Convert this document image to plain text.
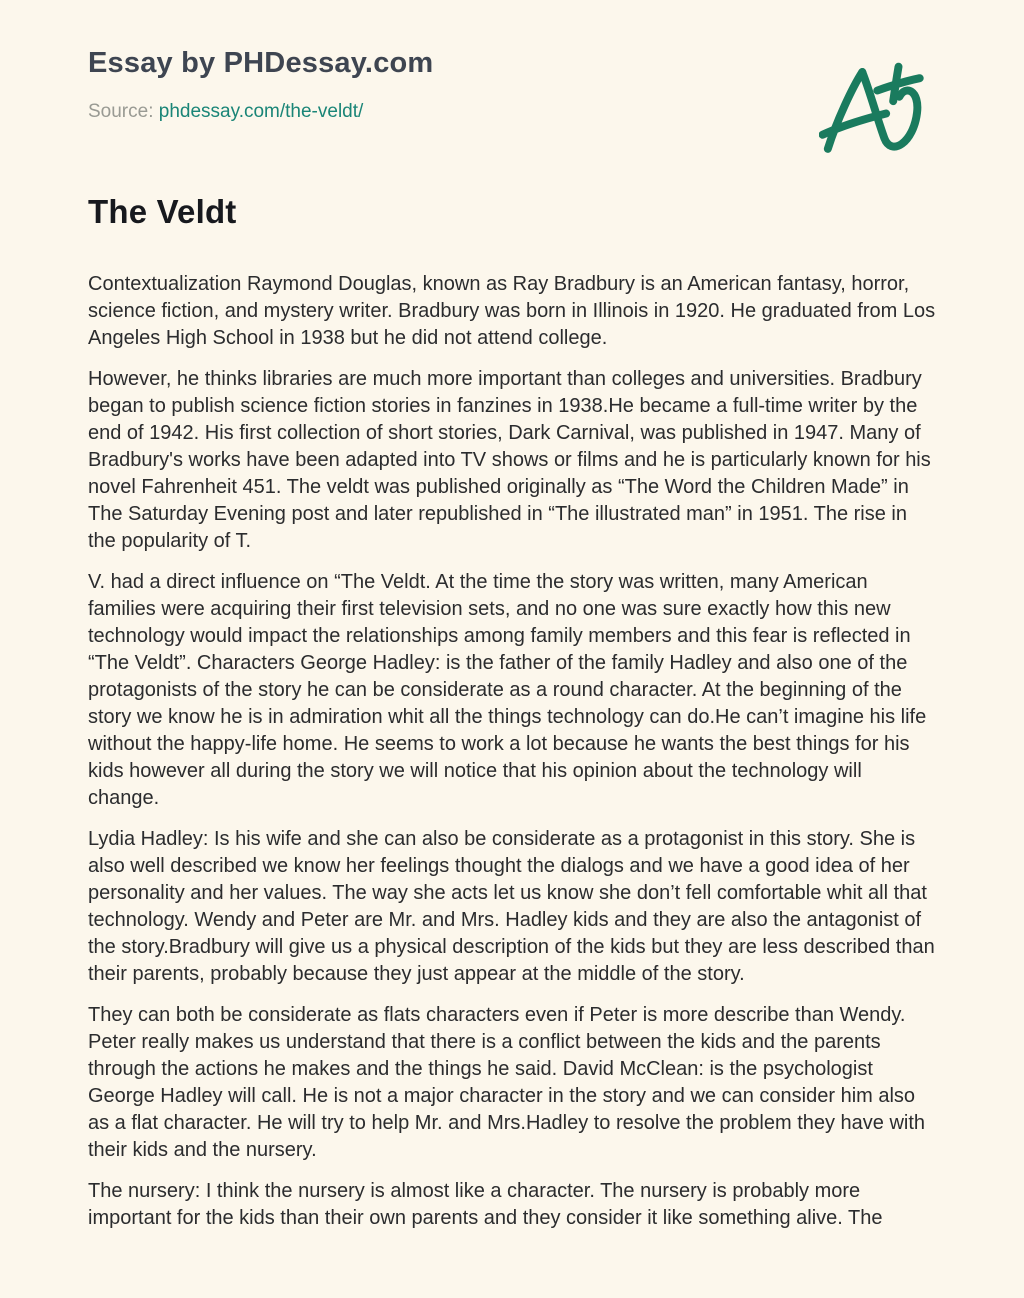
Essay by PHDessay.com

Source: phdessay.com/the-veldt/

The Veldt

Contextualization Raymond Douglas, known as Ray Bradbury is an American fantasy, horror, science fiction, and mystery writer. Bradbury was born in Illinois in 1920. He graduated from Los Angeles High School in 1938 but he did not attend college.

However, he thinks libraries are much more important than colleges and universities. Bradbury began to publish science fiction stories in fanzines in 1938.He became a full-time writer by the end of 1942. His first collection of short stories, Dark Carnival, was published in 1947. Many of Bradbury's works have been adapted into TV shows or films and he is particularly known for his novel Fahrenheit 451. The veldt was published originally as “The Word the Children Made” in The Saturday Evening post and later republished in “The illustrated man” in 1951. The rise in the popularity of T.

V. had a direct influence on “The Veldt. At the time the story was written, many American families were acquiring their first television sets, and no one was sure exactly how this new technology would impact the relationships among family members and this fear is reflected in “The Veldt”. Characters George Hadley: is the father of the family Hadley and also one of the protagonists of the story he can be considerate as a round character. At the beginning of the story we know he is in admiration whit all the things technology can do.He can’t imagine his life without the happy-life home. He seems to work a lot because he wants the best things for his kids however all during the story we will notice that his opinion about the technology will change.

Lydia Hadley: Is his wife and she can also be considerate as a protagonist in this story. She is also well described we know her feelings thought the dialogs and we have a good idea of her personality and her values. The way she acts let us know she don’t fell comfortable whit all that technology. Wendy and Peter are Mr. and Mrs. Hadley kids and they are also the antagonist of the story.Bradbury will give us a physical description of the kids but they are less described than their parents, probably because they just appear at the middle of the story.

They can both be considerate as flats characters even if Peter is more describe than Wendy. Peter really makes us understand that there is a conflict between the kids and the parents through the actions he makes and the things he said. David McClean: is the psychologist George Hadley will call. He is not a major character in the story and we can consider him also as a flat character. He will try to help Mr. and Mrs.Hadley to resolve the problem they have with their kids and the nursery.

The nursery: I think the nursery is almost like a character. The nursery is probably more important for the kids than their own parents and they consider it like something alive. The
